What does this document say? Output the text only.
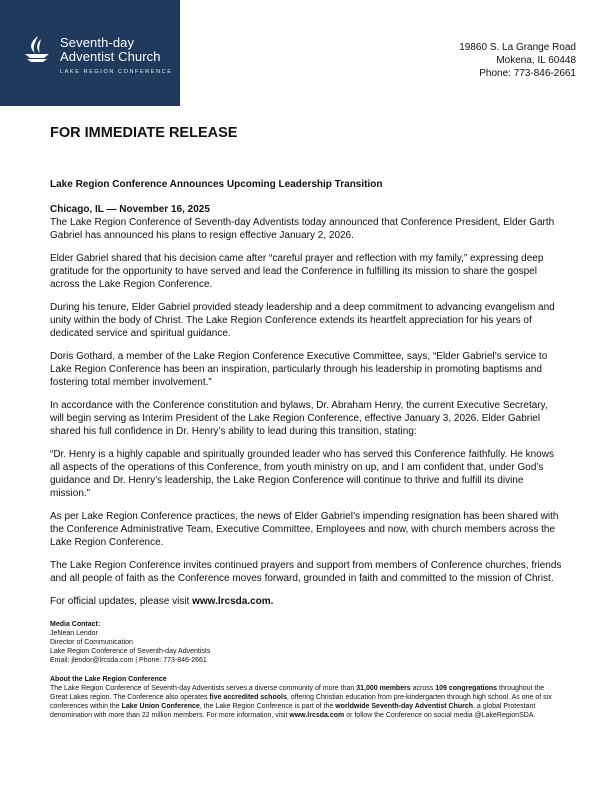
Seventh-day
Adventist Church
LAKE REGION CONFERENCE
19860 S. La Grange Road
Mokena, IL 60448
Phone: 773-846-2661
FOR IMMEDIATE RELEASE
Lake Region Conference Announces Upcoming Leadership Transition
Chicago, IL — November 16, 2025
The Lake Region Conference of Seventh-day Adventists today announced that Conference President, Elder Garth Gabriel has announced his plans to resign effective January 2, 2026.
Elder Gabriel shared that his decision came after “careful prayer and reflection with my family,” expressing deep gratitude for the opportunity to have served and lead the Conference in fulfilling its mission to share the gospel across the Lake Region Conference.
During his tenure, Elder Gabriel provided steady leadership and a deep commitment to advancing evangelism and unity within the body of Christ. The Lake Region Conference extends its heartfelt appreciation for his years of dedicated service and spiritual guidance.
Doris Gothard, a member of the Lake Region Conference Executive Committee, says, “Elder Gabriel’s service to Lake Region Conference has been an inspiration, particularly through his leadership in promoting baptisms and fostering total member involvement.”
In accordance with the Conference constitution and bylaws, Dr. Abraham Henry, the current Executive Secretary, will begin serving as Interim President of the Lake Region Conference, effective January 3, 2026. Elder Gabriel shared his full confidence in Dr. Henry’s ability to lead during this transition, stating:
“Dr. Henry is a highly capable and spiritually grounded leader who has served this Conference faithfully. He knows all aspects of the operations of this Conference, from youth ministry on up, and I am confident that, under God’s guidance and Dr. Henry’s leadership, the Lake Region Conference will continue to thrive and fulfill its divine mission.”
As per Lake Region Conference practices, the news of Elder Gabriel’s impending resignation has been shared with the Conference Administrative Team, Executive Committee, Employees and now, with church members across the Lake Region Conference.
The Lake Region Conference invites continued prayers and support from members of Conference churches, friends and all people of faith as the Conference moves forward, grounded in faith and committed to the mission of Christ.
For official updates, please visit www.lrcsda.com.
Media Contact:
JeNean Lendor
Director of Communication
Lake Region Conference of Seventh-day Adventists
Email: jlendor@lrcsda.com | Phone: 773-846-2661
About the Lake Region Conference
The Lake Region Conference of Seventh-day Adventists serves a diverse community of more than 31,000 members across 109 congregations throughout the Great Lakes region. The Conference also operates five accredited schools, offering Christian education from pre-kindergarten through high school. As one of six conferences within the Lake Union Conference, the Lake Region Conference is part of the worldwide Seventh-day Adventist Church, a global Protestant denomination with more than 22 million members. For more information, visit www.lrcsda.com or follow the Conference on social media @LakeRegionSDA.
